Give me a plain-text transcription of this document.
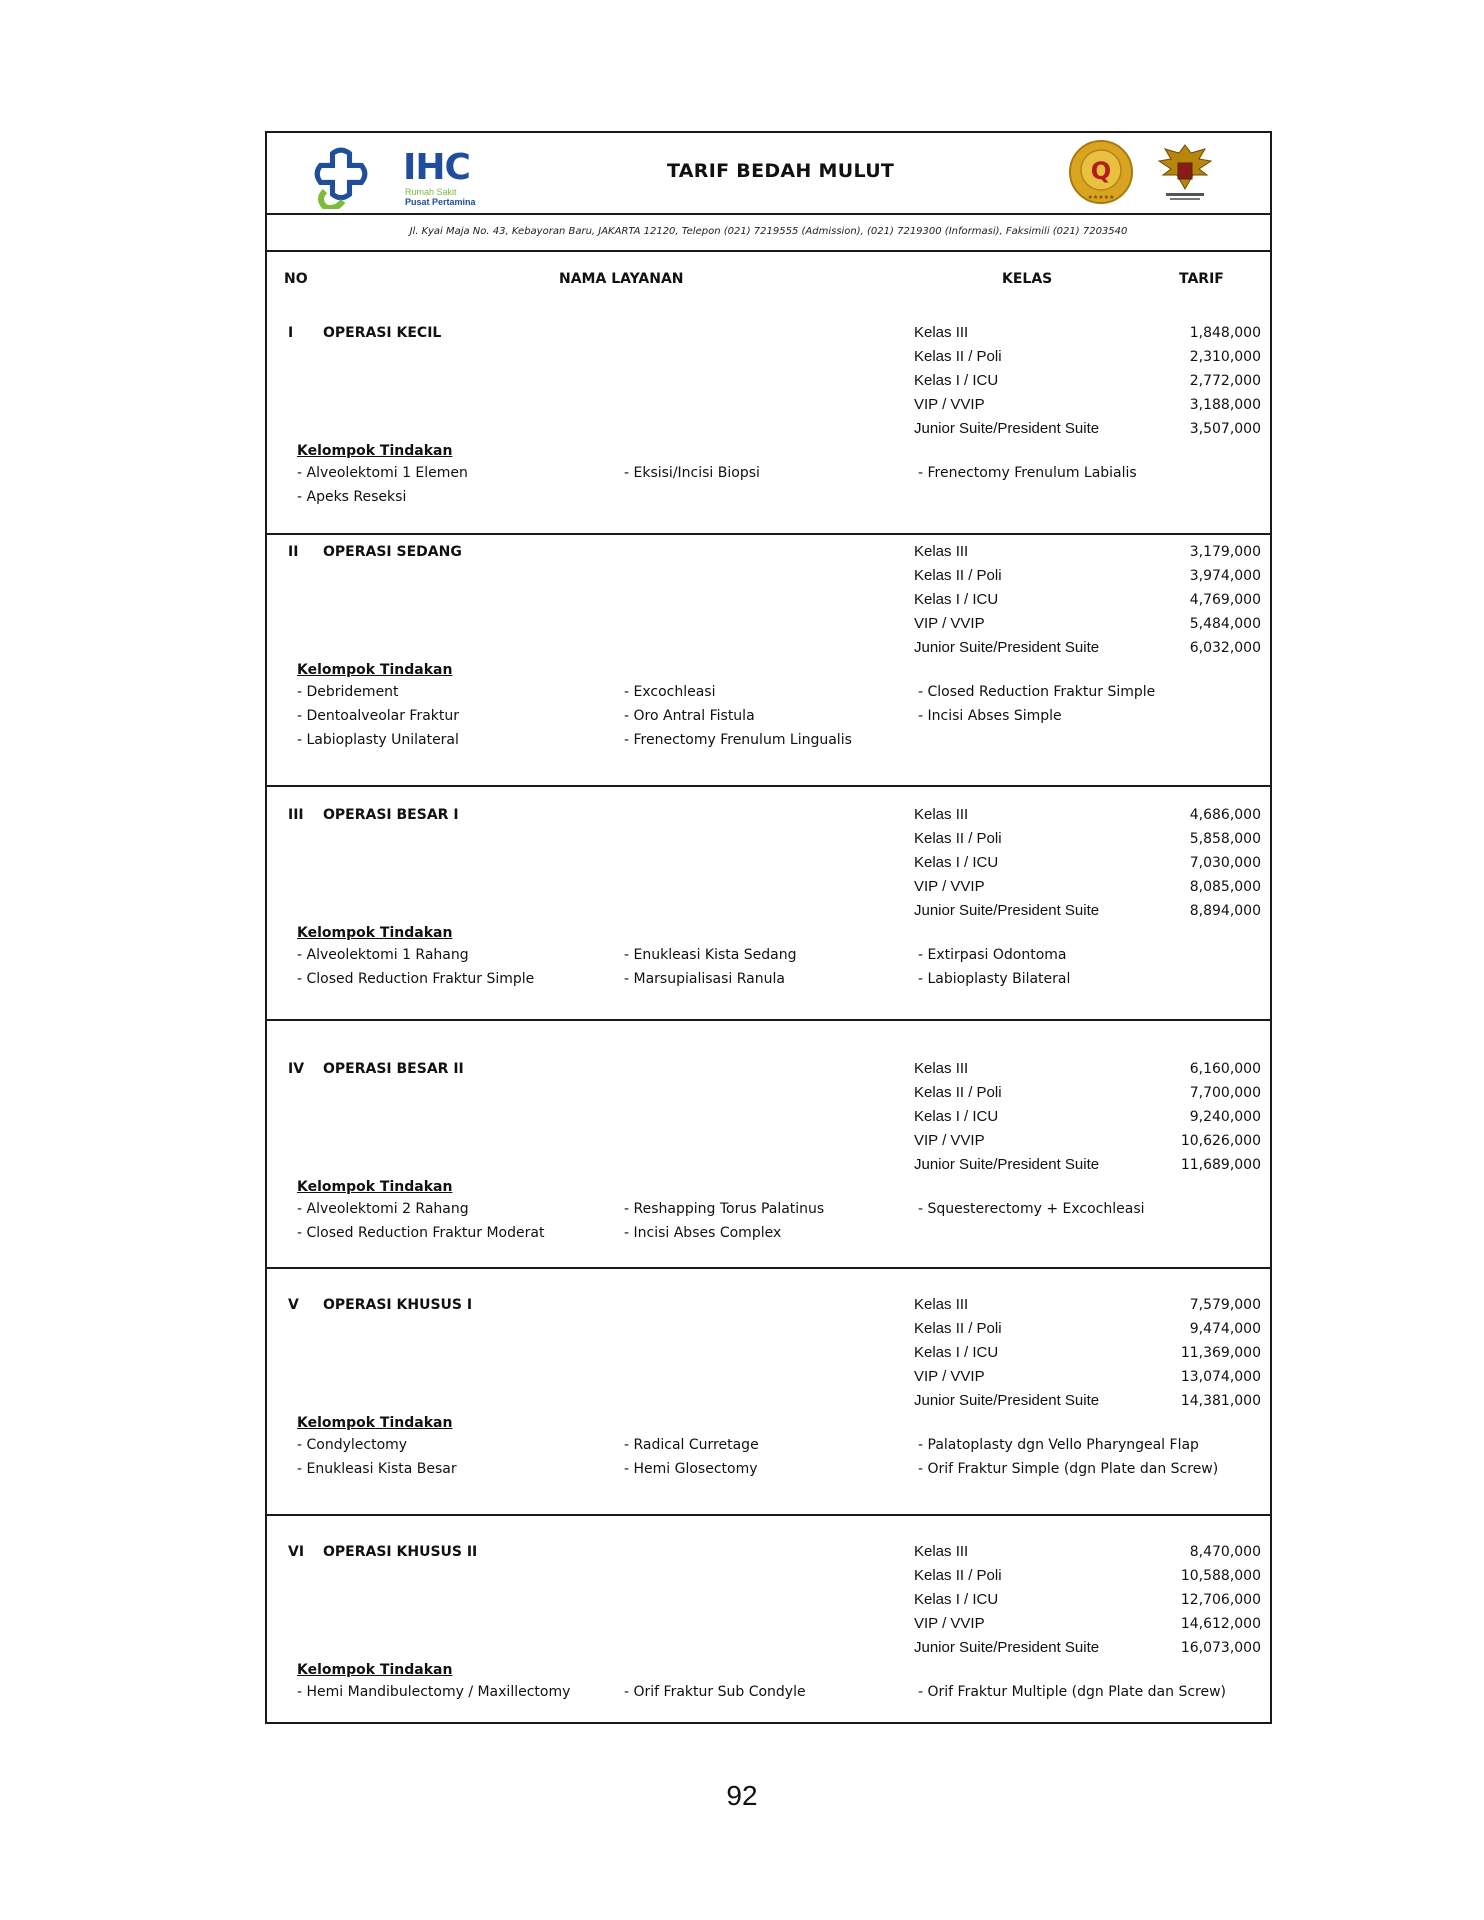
IHC
Rumah Sakit
Pusat Pertamina
TARIF BEDAH MULUT	Q
★★★★★
Jl. Kyai Maja No. 43, Kebayoran Baru, JAKARTA 12120, Telepon (021) 7219555 (Admission), (021) 7219300 (Informasi), Faksimili (021) 7203540
NO	NAMA LAYANAN	KELAS	TARIF
I OPERASI KECIL	Kelas III	1,848,000
Kelas II / Poli	2,310,000
Kelas I / ICU	2,772,000
VIP / VVIP	3,188,000
Junior Suite/President Suite	3,507,000
Kelompok Tindakan
- Alveolektomi 1 Elemen	- Eksisi/Incisi Biopsi	- Frenectomy Frenulum Labialis
- Apeks Reseksi
II OPERASI SEDANG	Kelas III	3,179,000
Kelas II / Poli	3,974,000
Kelas I / ICU	4,769,000
VIP / VVIP	5,484,000
Junior Suite/President Suite	6,032,000
Kelompok Tindakan
- Debridement	- Excochleasi	- Closed Reduction Fraktur Simple
- Dentoalveolar Fraktur	- Oro Antral Fistula	- Incisi Abses Simple
- Labioplasty Unilateral	- Frenectomy Frenulum Lingualis
III OPERASI BESAR I	Kelas III	4,686,000
Kelas II / Poli	5,858,000
Kelas I / ICU	7,030,000
VIP / VVIP	8,085,000
Junior Suite/President Suite	8,894,000
Kelompok Tindakan
- Alveolektomi 1 Rahang	- Enukleasi Kista Sedang	- Extirpasi Odontoma
- Closed Reduction Fraktur Simple	- Marsupialisasi Ranula	- Labioplasty Bilateral
IV OPERASI BESAR II	Kelas III	6,160,000
Kelas II / Poli	7,700,000
Kelas I / ICU	9,240,000
VIP / VVIP	10,626,000
Junior Suite/President Suite	11,689,000
Kelompok Tindakan
- Alveolektomi 2 Rahang	- Reshapping Torus Palatinus	- Squesterectomy + Excochleasi
- Closed Reduction Fraktur Moderat	- Incisi Abses Complex
V OPERASI KHUSUS I	Kelas III	7,579,000
Kelas II / Poli	9,474,000
Kelas I / ICU	11,369,000
VIP / VVIP	13,074,000
Junior Suite/President Suite	14,381,000
Kelompok Tindakan
- Condylectomy	- Radical Curretage	- Palatoplasty dgn Vello Pharyngeal Flap
- Enukleasi Kista Besar	- Hemi Glosectomy	- Orif Fraktur Simple (dgn Plate dan Screw)
VI OPERASI KHUSUS II	Kelas III	8,470,000
Kelas II / Poli	10,588,000
Kelas I / ICU	12,706,000
VIP / VVIP	14,612,000
Junior Suite/President Suite	16,073,000
Kelompok Tindakan
- Hemi Mandibulectomy / Maxillectomy	- Orif Fraktur Sub Condyle	- Orif Fraktur Multiple (dgn Plate dan Screw)
92
